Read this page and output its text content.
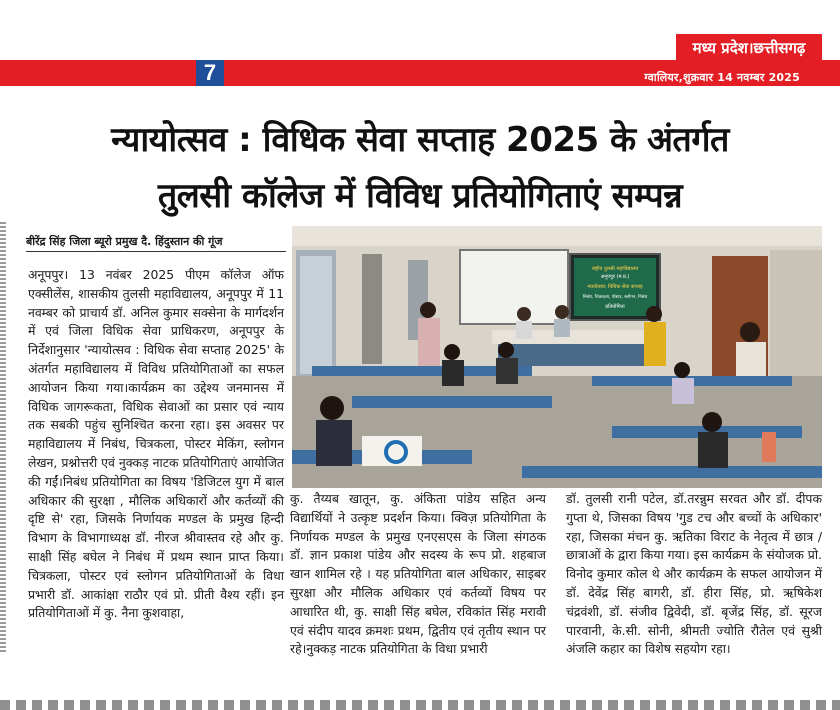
मध्य प्रदेश।छत्तीसगढ़
7	ग्वालियर,शुक्रवार 14 नवम्बर 2025
न्यायोत्सव : विधिक सेवा सप्ताह 2025 के अंतर्गत
तुलसी कॉलेज में विविध प्रतियोगिताएं सम्पन्न
बीरेंद्र सिंह जिला ब्यूरो प्रमुख दै. हिंदुस्तान की गूंज

अनूपपुर। 13 नवंबर 2025 पीएम कॉलेज ऑफ एक्सीलेंस, शासकीय तुलसी महाविद्यालय, अनूपपुर में 11 नवम्बर को प्राचार्य डॉ. अनिल कुमार सक्सेना के मार्गदर्शन में एवं जिला विधिक सेवा प्राधिकरण, अनूपपुर के निर्देशानुसार 'न्यायोत्सव : विधिक सेवा सप्ताह 2025' के अंतर्गत महाविद्यालय में विविध प्रतियोगिताओं का सफल आयोजन किया गया।कार्यक्रम का उद्देश्य जनमानस में विधिक जागरूकता, विधिक सेवाओं का प्रसार एवं न्याय तक सबकी पहुंच सुनिश्चित करना रहा। इस अवसर पर महाविद्यालय में निबंध, चित्रकला, पोस्टर मेकिंग, स्लोगन लेखन, प्रश्नोत्तरी एवं नुक्कड़ नाटक प्रतियोगिताएं आयोजित की गईं।निबंध प्रतियोगिता का विषय 'डिजिटल युग में बाल अधिकार की सुरक्षा , मौलिक अधिकारों और कर्तव्यों की दृष्टि से' रहा, जिसके निर्णायक मण्डल के प्रमुख हिन्दी विभाग के विभागाध्यक्ष डॉ. नीरज श्रीवास्तव रहे और कु. साक्षी सिंह बघेल ने निबंध में प्रथम स्थान प्राप्त किया।चित्रकला, पोस्टर एवं स्लोगन प्रतियोगिताओं के विधा प्रभारी डॉ. आकांक्षा राठौर एवं प्रो. प्रीती वैश्य रहीं। इन प्रतियोगिताओं में कु. नैना कुशवाहा,

राष्ट्रीय तुलसी महाविद्यालय
अनूपपुर (म.प्र.)
न्यायोत्सव: विधिक सेवा सप्ताह
निबंध, चित्रकला, पोस्टर, स्लोगन, निबंध
प्रतियोगिता

कु. तैय्यब खातून, कु. अंकिता पांडेय सहित अन्य विद्यार्थियों ने उत्कृष्ट प्रदर्शन किया। क्विज़ प्रतियोगिता के निर्णायक मण्डल के प्रमुख एनएसएस के जिला संगठक डॉ. ज्ञान प्रकाश पांडेय और सदस्य के रूप प्रो. शहबाज खान शामिल रहे । यह प्रतियोगिता बाल अधिकार, साइबर सुरक्षा और मौलिक अधिकार एवं कर्तव्यों विषय पर आधारित थी, कु. साक्षी सिंह बघेल, रविकांत सिंह मरावी एवं संदीप यादव क्रमशः प्रथम, द्वितीय एवं तृतीय स्थान पर रहे।नुक्कड़ नाटक प्रतियोगिता के विधा प्रभारी

डॉ. तुलसी रानी पटेल, डॉ.तरन्नुम सरवत और डॉ. दीपक गुप्ता थे, जिसका विषय 'गुड टच और बच्चों के अधिकार' रहा, जिसका मंचन कु. ऋतिका विराट के नेतृत्व में छात्र /छात्राओं के द्वारा किया गया। इस कार्यक्रम के संयोजक प्रो. विनोद कुमार कोल थे और कार्यक्रम के सफल आयोजन में डॉ. देवेंद्र सिंह बागरी, डॉ. हीरा सिंह, प्रो. ऋषिकेश चंद्रवंशी, डॉ. संजीव द्विवेदी, डॉ. बृजेंद्र सिंह, डॉ. सूरज पारवानी, के.सी. सोनी, श्रीमती ज्योति रौतेल एवं सुश्री अंजलि कहार का विशेष सहयोग रहा।
